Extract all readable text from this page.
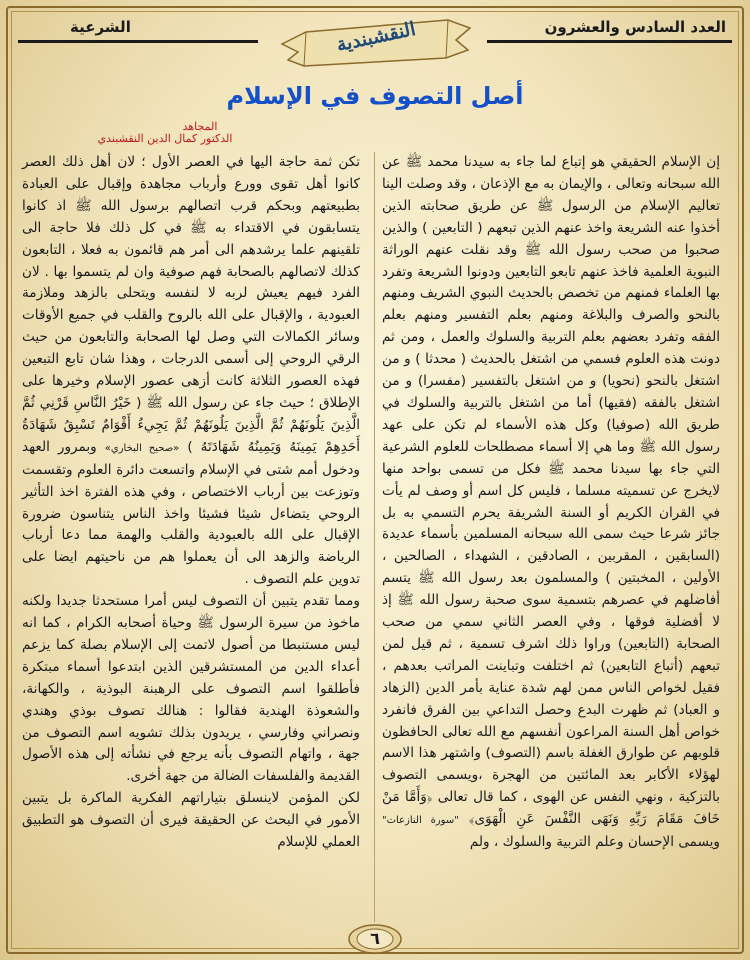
العدد السادس والعشرون
الشرعية	النقشبندية
أصل التصوف في الإسلام
المجاهد
الدكتور كمال الدين النقشبندي
إن الإسلام الحقيقي هو إتباع لما جاء به سيدنا محمد ﷺ عن الله سبحانه وتعالى ، والإيمان به مع الإذعان ، وقد وصلت الينا تعاليم الإسلام من الرسول ﷺ عن طريق صحابته الذين أخذوا عنه الشريعة واخذ عنهم الذين تبعهم ( التابعين ) والذين صحبوا من صحب رسول الله ﷺ وقد نقلت عنهم الوراثة النبوية العلمية فاخذ عنهم تابعو التابعين ودونوا الشريعة وتفرد بها العلماء فمنهم من تخصص بالحديث النبوي الشريف ومنهم بالنحو والصرف والبلاغة ومنهم بعلم التفسير ومنهم بعلم الفقه وتفرد بعضهم بعلم التربية والسلوك والعمل ، ومن ثم دونت هذه العلوم فسمي من اشتغل بالحديث ( محدثا ) و من اشتغل بالنحو (نحويا) و من اشتغل بالتفسير (مفسرا) و من اشتغل بالفقه (فقيها) أما من اشتغل بالتربية والسلوك في طريق الله (صوفيا) وكل هذه الأسماء لم تكن على عهد رسول الله ﷺ وما هي إلا أسماء مصطلحات للعلوم الشرعية التي جاء بها سيدنا محمد ﷺ فكل من تسمى بواحد منها لايخرج عن تسميته مسلما ، فليس كل اسم أو وصف لم يأت في القران الكريم أو السنة الشريفة يحرم التسمي به بل جائز شرعا حيث سمى الله سبحانه المسلمين بأسماء عديدة (السابقين ، المقربين ، الصادقين ، الشهداء ، الصالحين ، الأولين ، المخبتين ) والمسلمون بعد رسول الله ﷺ يتسم أفاضلهم في عصرهم بتسمية سوى صحبة رسول الله ﷺ إذ لا أفضلية فوقها ، وفي العصر الثاني سمي من صحب الصحابة (التابعين) وراوا ذلك اشرف تسمية ، ثم قيل لمن تبعهم (أتباع التابعين) ثم اختلفت وتباينت المراتب بعدهم ، فقيل لخواص الناس ممن لهم شدة عناية بأمر الدين (الزهاد و العباد) ثم ظهرت البدع وحصل التداعي بين الفرق فانفرد خواص أهل السنة المراعون أنفسهم مع الله تعالى الحافظون قلوبهم عن طوارق الغفلة باسم (التصوف) واشتهر هذا الاسم لهؤلاء الأكابر بعد المائتين من الهجرة ،ويسمى التصوف بالتزكية ، ونهي النفس عن الهوى ، كما قال تعالى ﴿وَأَمَّا مَنْ خَافَ مَقَامَ رَبِّهِ وَنَهَى النَّفْسَ عَنِ الْهَوَى﴾ "سورة النازعات" ويسمى الإحسان وعلم التربية والسلوك ، ولم
تكن ثمة حاجة اليها في العصر الأول ؛ لان أهل ذلك العصر كانوا أهل تقوى وورع وأرباب مجاهدة وإقبال على العبادة بطبيعتهم وبحكم قرب اتصالهم برسول الله ﷺ اذ كانوا يتسابقون في الاقتداء به ﷺ في كل ذلك فلا حاجة الى تلقينهم علما يرشدهم الى أمر هم قائمون به فعلا ، التابعون كذلك لاتصالهم بالصحابة فهم صوفية وان لم يتسموا بها . لان الفرد فيهم يعيش لربه لا لنفسه ويتحلى بالزهد وملازمة العبودية ، والإقبال على الله بالروح والقلب في جميع الأوقات وسائر الكمالات التي وصل لها الصحابة والتابعون من حيث الرقي الروحي إلى أسمى الدرجات ، وهذا شان تابع التبعين فهذه العصور الثلاثة كانت أزهى عصور الإسلام وخيرها على الإطلاق ؛ حيث جاء عن رسول الله ﷺ ( خَيْرُ النَّاسِ قَرْنِي ثُمَّ الَّذِينَ يَلُونَهُمْ ثُمَّ الَّذِينَ يَلُونَهُمْ ثُمَّ يَجِيءُ أَقْوَامٌ تَسْبِقُ شَهَادَةُ أَحَدِهِمْ يَمِينَهُ وَيَمِينُهُ شَهَادَتَهُ ) «صحيح البخاري» وبمرور العهد ودخول أمم شتى في الإسلام واتسعت دائرة العلوم وتقسمت وتوزعت بين أرباب الاختصاص ، وفي هذه الفترة اخذ التأثير الروحي يتضاءل شيئا فشيئا واخذ الناس يتناسون ضرورة الإقبال على الله بالعبودية والقلب والهمة مما دعا أرباب الرياضة والزهد الى أن يعملوا هم من ناحيتهم ايضا على تدوين علم التصوف .
ومما تقدم يتبين أن التصوف ليس أمرا مستحدثا جديدا ولكنه ماخوذ من سيرة الرسول ﷺ وحياة أصحابه الكرام ، كما انه ليس مستنبطا من أصول لاتمت إلى الإسلام بصلة كما يزعم أعداء الدين من المستشرقين الذين ابتدعوا أسماء مبتكرة فأطلقوا اسم التصوف على الرهبنة البوذية ، والكهانة، والشعوذة الهندية فقالوا : هنالك تصوف بوذي وهندي ونصراني وفارسي ، يريدون بذلك تشويه اسم التصوف من جهة ، واتهام التصوف بأنه يرجع في نشأته إلى هذه الأصول القديمة والفلسفات الضالة من جهة أخرى.
لكن المؤمن لاينسلق بتياراتهم الفكرية الماكرة بل يتبين الأمور في البحث عن الحقيقة فيرى أن التصوف هو التطبيق العملي للإسلام
٦
